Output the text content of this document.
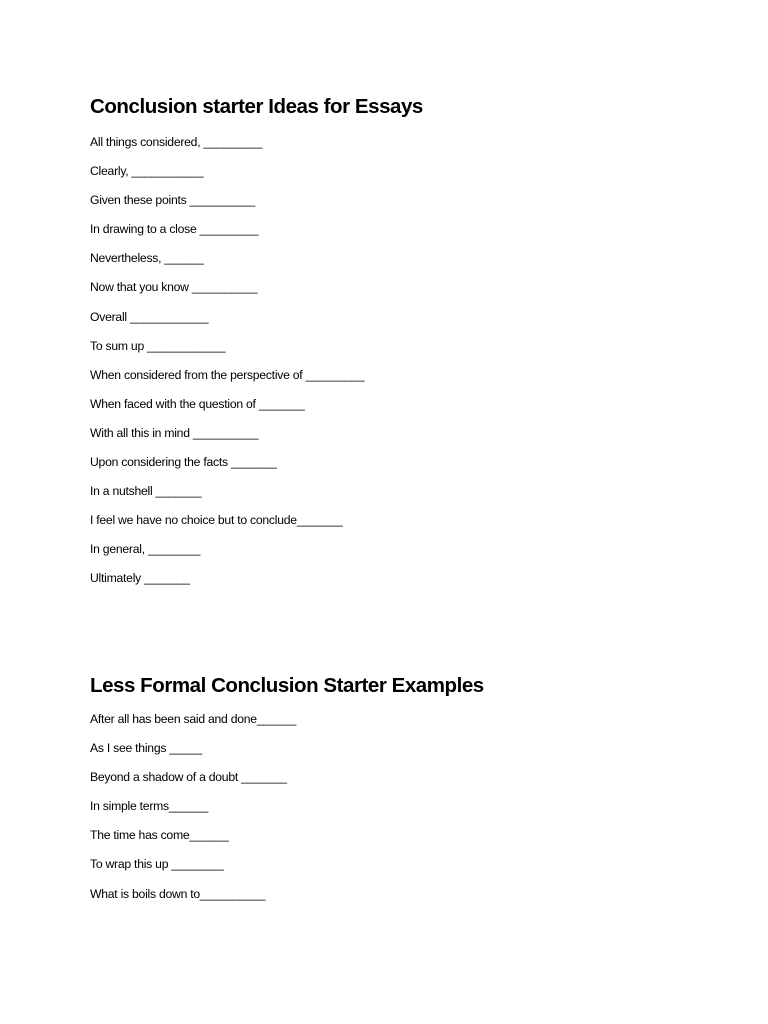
Conclusion starter Ideas for Essays
All things considered, _________
Clearly, ___________
Given these points __________
In drawing to a close _________
Nevertheless, ______
Now that you know __________
Overall ____________
To sum up ____________
When considered from the perspective of _________
When faced with the question of _______
With all this in mind __________
Upon considering the facts _______
In a nutshell _______
I feel we have no choice but to conclude_______
In general, ________
Ultimately _______
Less Formal Conclusion Starter Examples
After all has been said and done______
As I see things _____
Beyond a shadow of a doubt _______
In simple terms______
The time has come______
To wrap this up ________
What is boils down to__________
